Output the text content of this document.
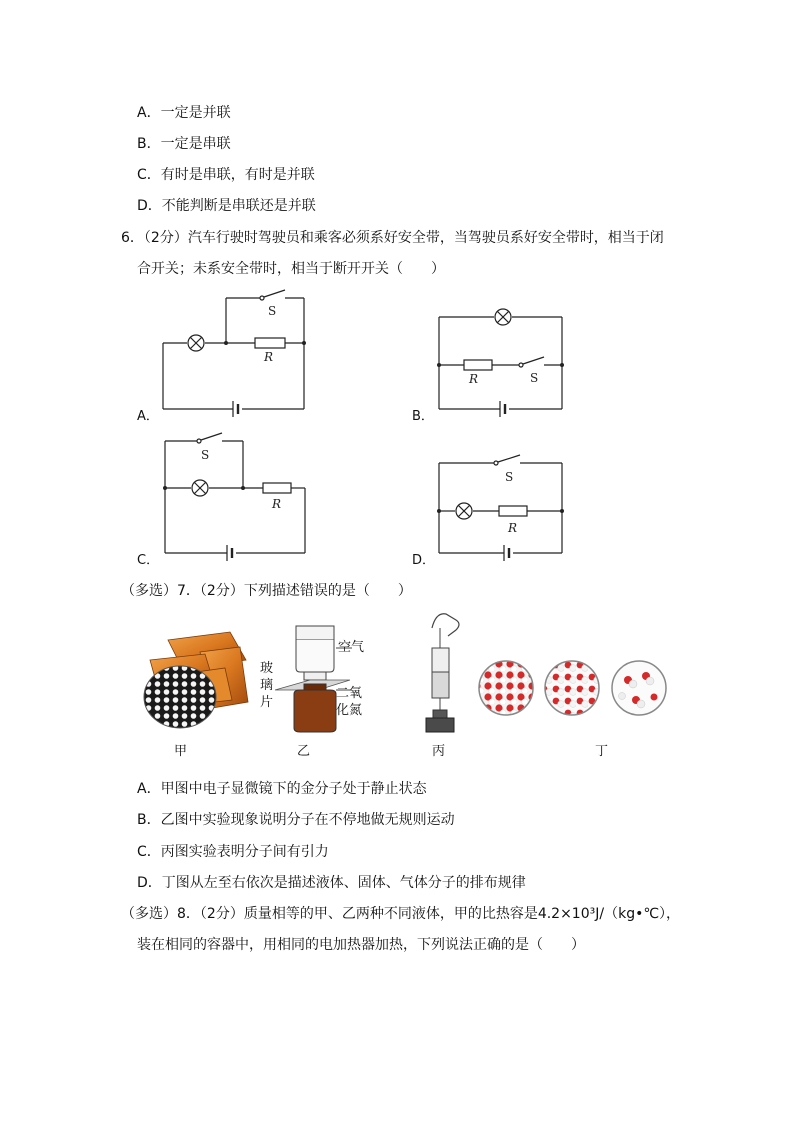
A．一定是并联
B．一定是串联
C．有时是串联，有时是并联
D．不能判断是串联还是并联
6．（2分）汽车行驶时驾驶员和乘客必须系好安全带，当驾驶员系好安全带时，相当于闭
合开关；未系安全带时，相当于断开开关（　　）
S
R
A．
R	S
B．
S
R
C．
S
R
D．
（多选）7．（2分）下列描述错误的是（　　）
甲
空气
玻璃片
二氧化氮
乙	丙	丁
A．甲图中电子显微镜下的金分子处于静止状态
B．乙图中实验现象说明分子在不停地做无规则运动
C．丙图实验表明分子间有引力
D．丁图从左至右依次是描述液体、固体、气体分子的排布规律
（多选）8．（2分）质量相等的甲、乙两种不同液体，甲的比热容是4.2×10³J/（kg•℃），
装在相同的容器中，用相同的电加热器加热，下列说法正确的是（　　）
